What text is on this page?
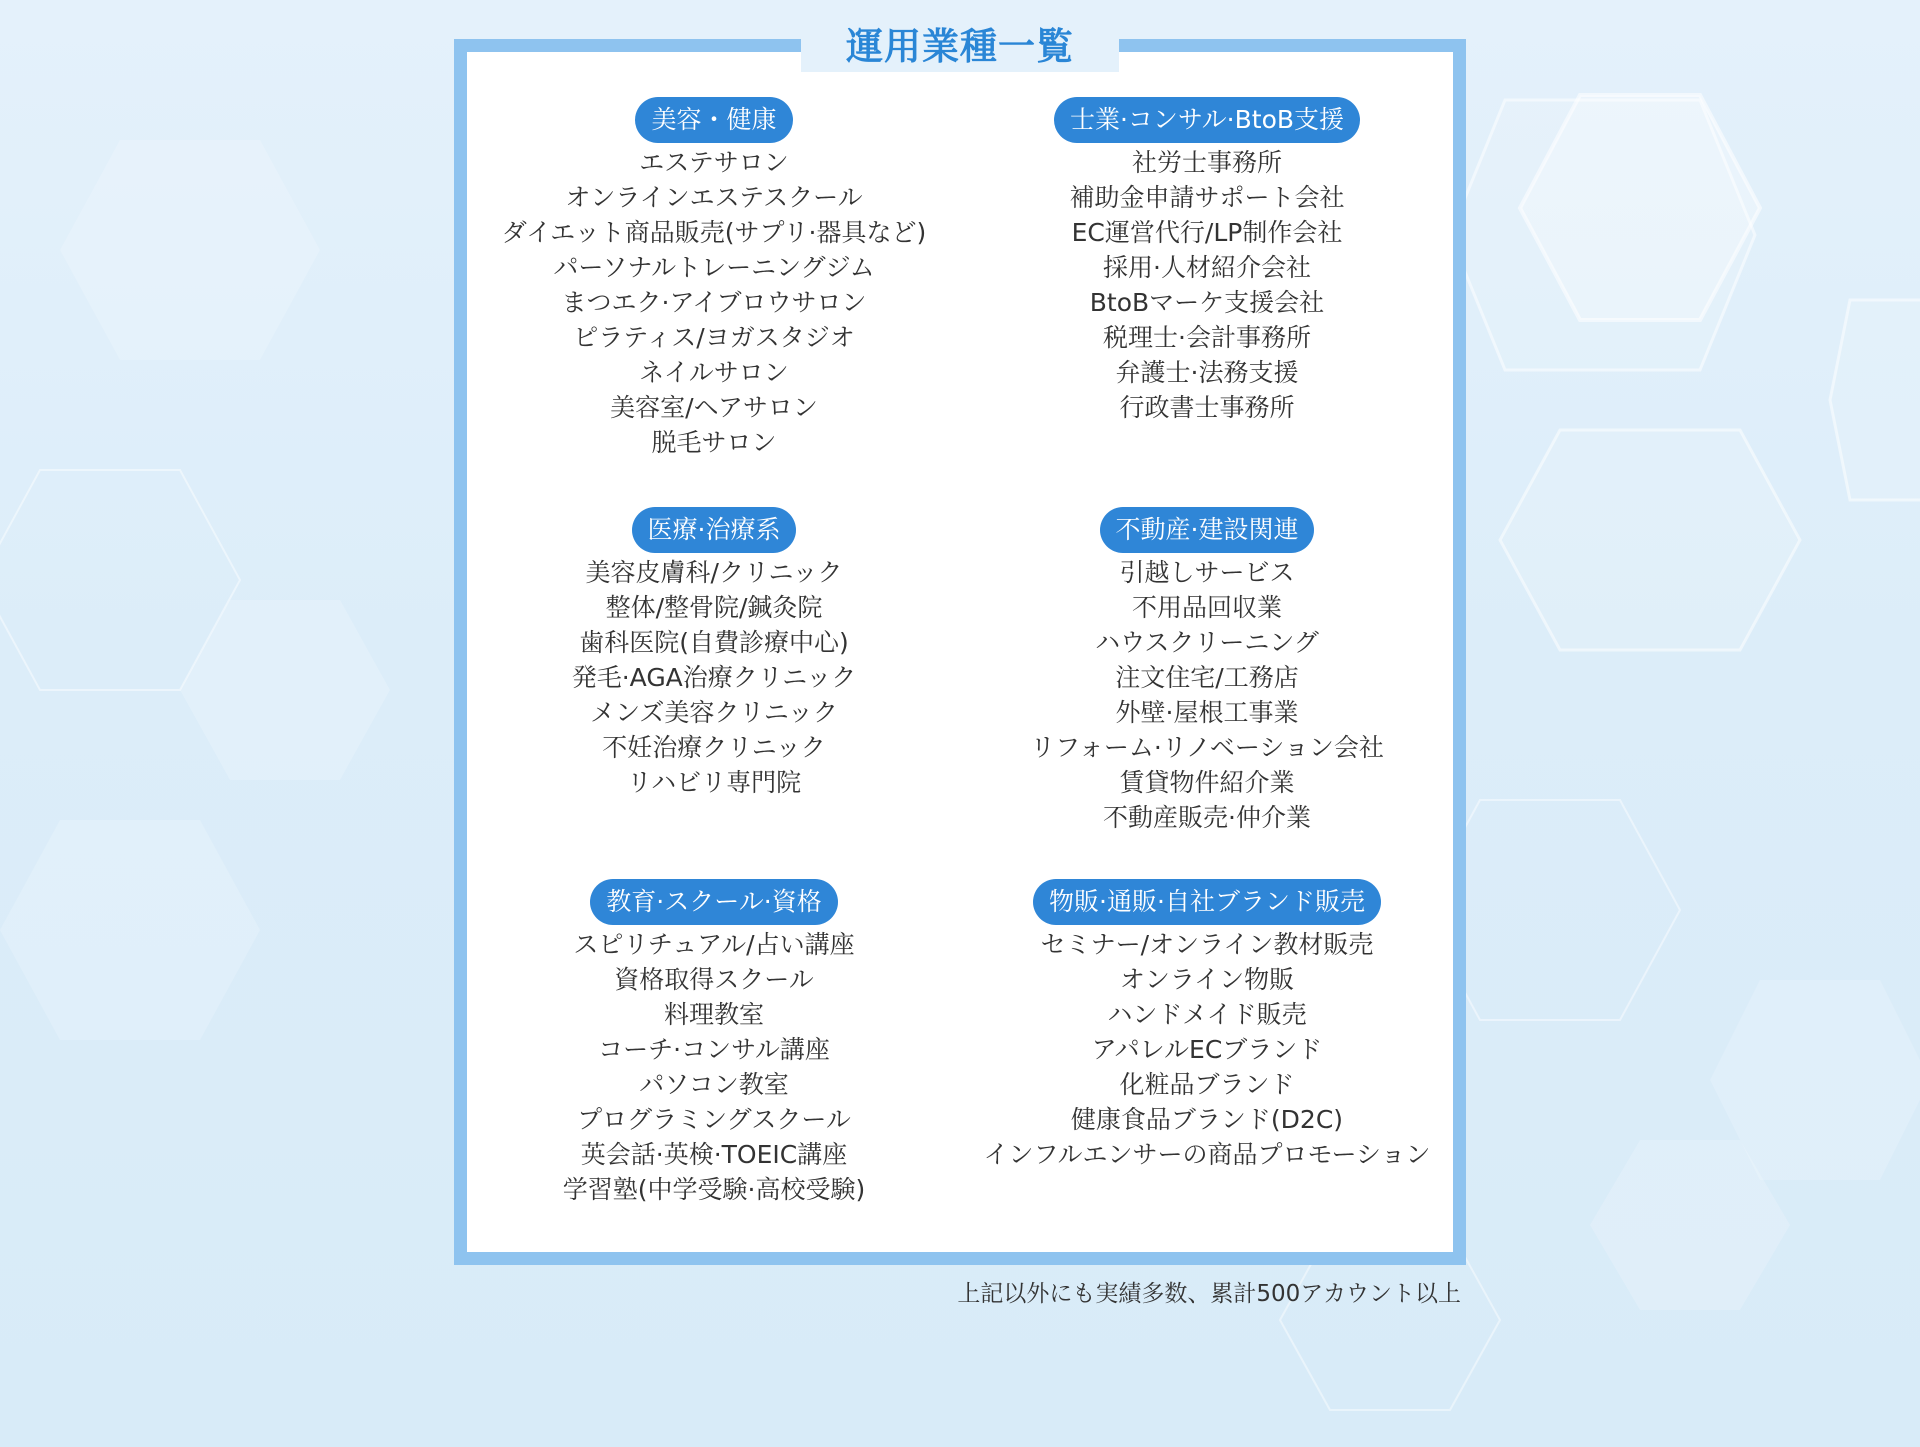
運用業種一覧
美容・健康
エステサロン
オンラインエステスクール
ダイエット商品販売(サプリ·器具など)
パーソナルトレーニングジム
まつエク·アイブロウサロン
ピラティス/ヨガスタジオ
ネイルサロン
美容室/ヘアサロン
脱毛サロン
士業·コンサル·BtoB支援
社労士事務所
補助金申請サポート会社
EC運営代行/LP制作会社
採用·人材紹介会社
BtoBマーケ支援会社
税理士·会計事務所
弁護士·法務支援
行政書士事務所
医療·治療系
美容皮膚科/クリニック
整体/整骨院/鍼灸院
歯科医院(自費診療中心)
発毛·AGA治療クリニック
メンズ美容クリニック
不妊治療クリニック
リハビリ専門院
不動産·建設関連
引越しサービス
不用品回収業
ハウスクリーニング
注文住宅/工務店
外壁·屋根工事業
リフォーム·リノベーション会社
賃貸物件紹介業
不動産販売·仲介業
教育·スクール·資格
スピリチュアル/占い講座
資格取得スクール
料理教室
コーチ·コンサル講座
パソコン教室
プログラミングスクール
英会話·英検·TOEIC講座
学習塾(中学受験·高校受験)
物販·通販·自社ブランド販売
セミナー/オンライン教材販売
オンライン物販
ハンドメイド販売
アパレルECブランド
化粧品ブランド
健康食品ブランド(D2C)
インフルエンサーの商品プロモーション

上記以外にも実績多数、累計500アカウント以上
